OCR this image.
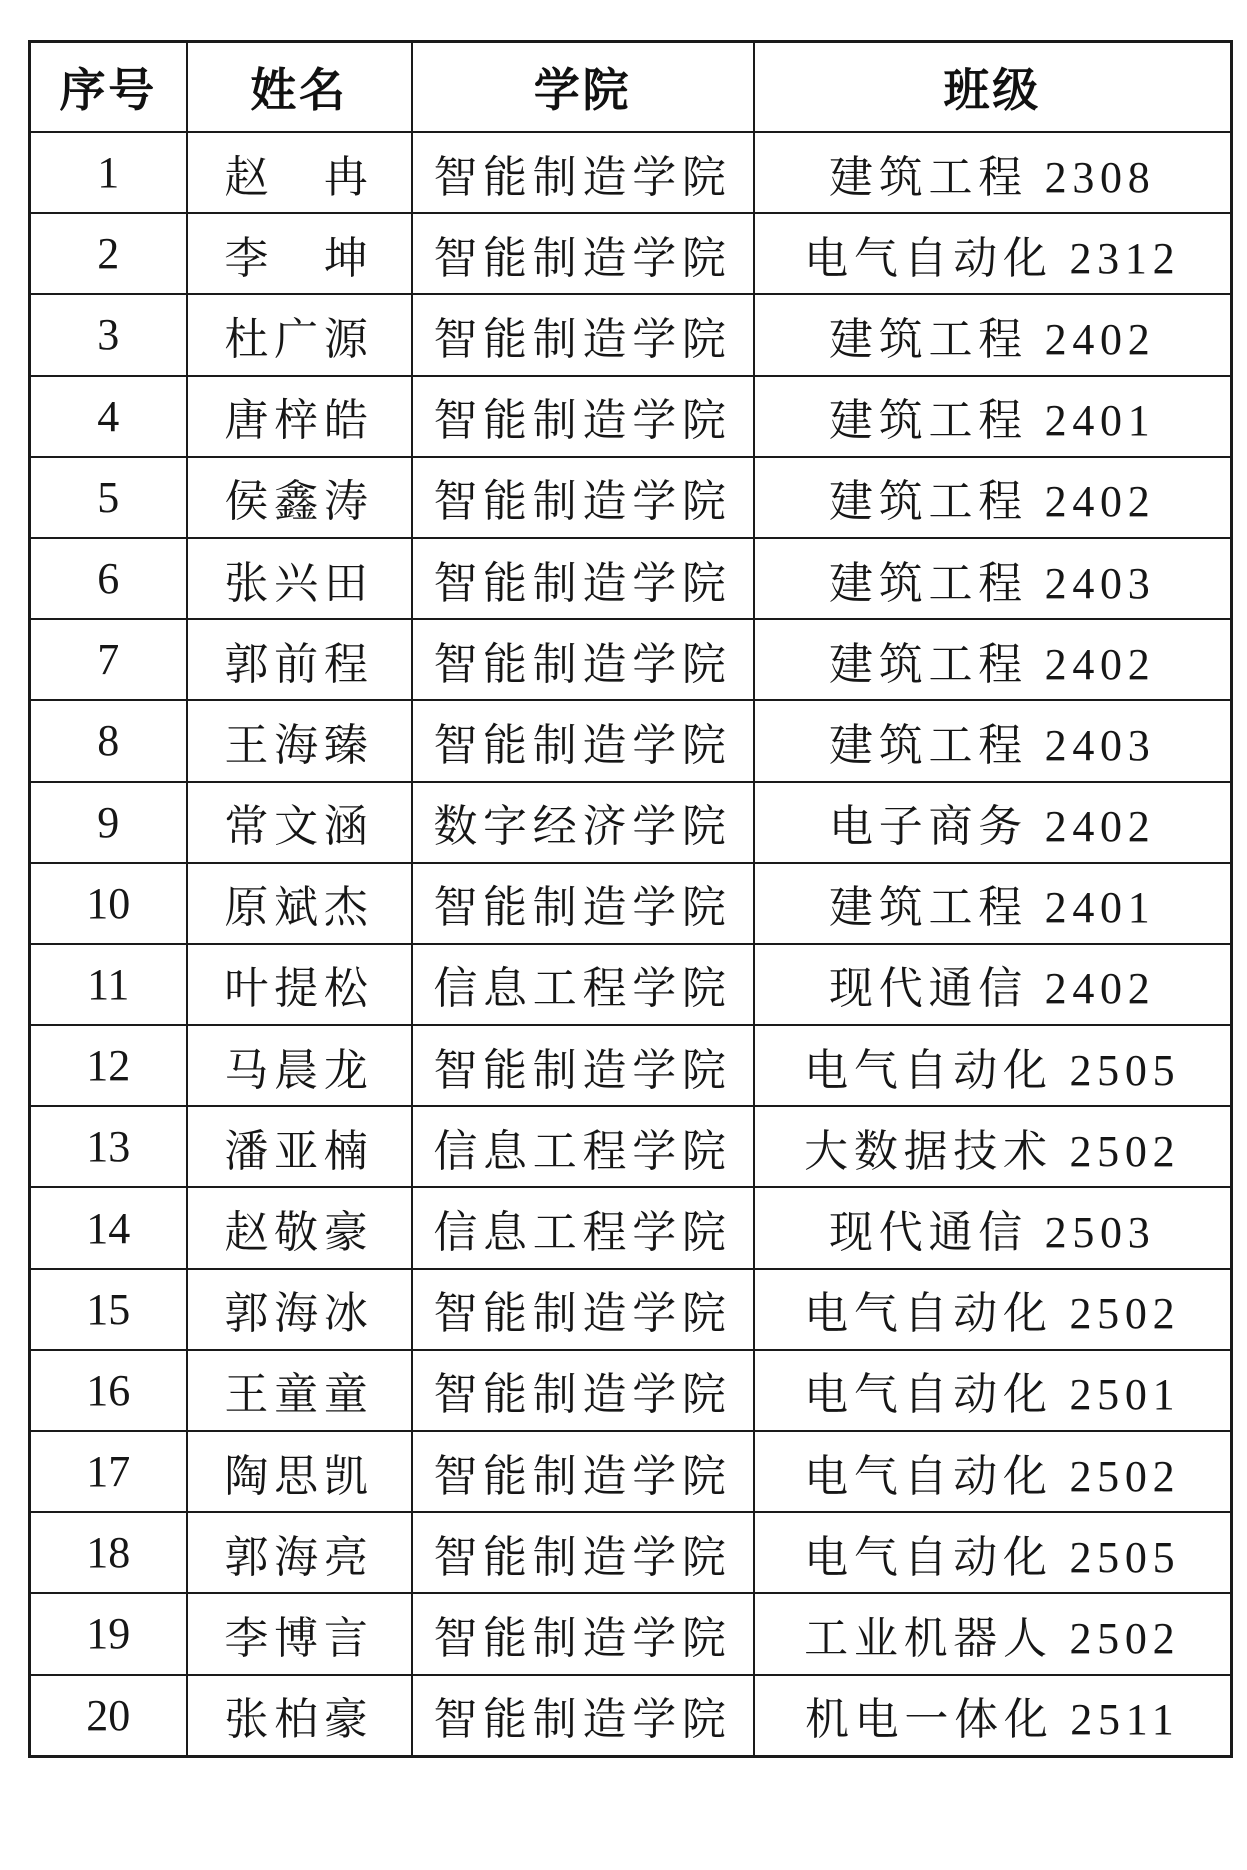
序号	姓名	学院	班级
1	赵　冉	智能制造学院	建筑工程 2308
2	李　坤	智能制造学院	电气自动化 2312
3	杜广源	智能制造学院	建筑工程 2402
4	唐梓皓	智能制造学院	建筑工程 2401
5	侯鑫涛	智能制造学院	建筑工程 2402
6	张兴田	智能制造学院	建筑工程 2403
7	郭前程	智能制造学院	建筑工程 2402
8	王海臻	智能制造学院	建筑工程 2403
9	常文涵	数字经济学院	电子商务 2402
10	原斌杰	智能制造学院	建筑工程 2401
11	叶提松	信息工程学院	现代通信 2402
12	马晨龙	智能制造学院	电气自动化 2505
13	潘亚楠	信息工程学院	大数据技术 2502
14	赵敬豪	信息工程学院	现代通信 2503
15	郭海冰	智能制造学院	电气自动化 2502
16	王童童	智能制造学院	电气自动化 2501
17	陶思凯	智能制造学院	电气自动化 2502
18	郭海亮	智能制造学院	电气自动化 2505
19	李博言	智能制造学院	工业机器人 2502
20	张柏豪	智能制造学院	机电一体化 2511
